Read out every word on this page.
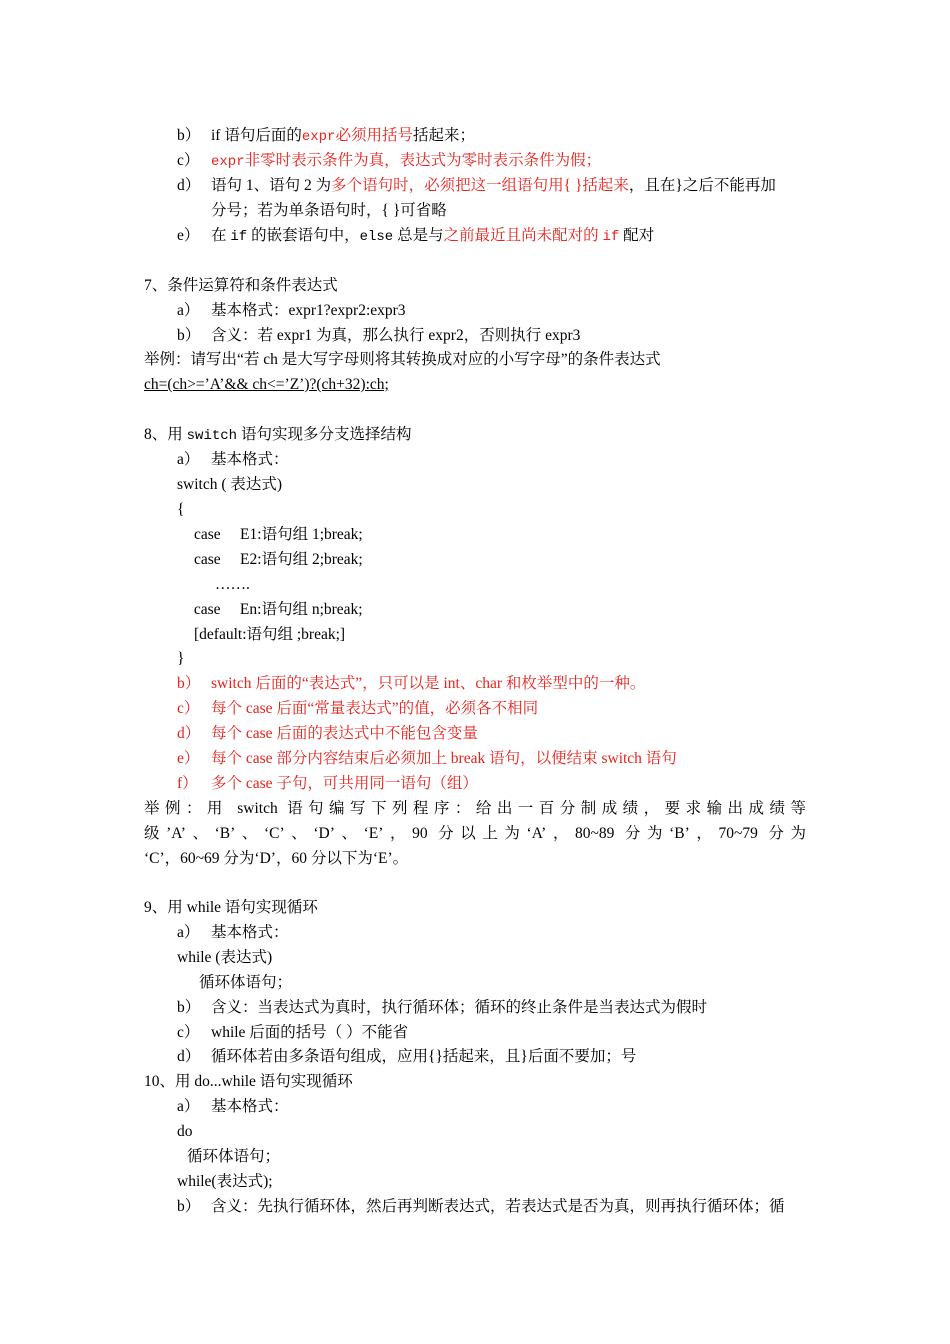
b） if 语句后面的expr必须用括号括起来；
c） expr非零时表示条件为真，表达式为零时表示条件为假；
d） 语句 1、语句 2 为多个语句时，必须把这一组语句用{ }括起来，且在}之后不能再加
分号；若为单条语句时，{ }可省略
e） 在 if 的嵌套语句中，else 总是与之前最近且尚未配对的 if 配对
7、条件运算符和条件表达式
a） 基本格式：expr1?expr2:expr3
b） 含义：若 expr1 为真，那么执行 expr2，否则执行 expr3
举例：请写出“若 ch 是大写字母则将其转换成对应的小写字母”的条件表达式
ch=(ch>=’A’&& ch<=’Z’)?(ch+32):ch;
8、用 switch 语句实现多分支选择结构
a） 基本格式：
switch ( 表达式)
{
case     E1:语句组 1;break;
case     E2:语句组 2;break;
…….
case     En:语句组 n;break;
[default:语句组 ;break;]
}
b） switch 后面的“表达式”，只可以是 int、char 和枚举型中的一种。
c） 每个 case 后面“常量表达式”的值，必须各不相同
d） 每个 case 后面的表达式中不能包含变量
e） 每个 case 部分内容结束后必须加上 break 语句，以便结束 switch 语句
f） 多个 case 子句，可共用同一语句（组）
举例：用 switch 语句编写下列程序：给出一百分制成绩，要求输出成绩等
级’A’、‘B’、‘C’、‘D’、‘E’，90 分以上为‘A’，80~89 分为‘B’，70~79 分为
‘C’，60~69 分为‘D’，60 分以下为‘E’。
9、用 while 语句实现循环
a） 基本格式：
while (表达式)
循环体语句；
b） 含义：当表达式为真时，执行循环体；循环的终止条件是当表达式为假时
c） while 后面的括号（ ）不能省
d） 循环体若由多条语句组成，应用{}括起来，且}后面不要加；号
10、用 do...while 语句实现循环
a） 基本格式：
do
循环体语句；
while(表达式);
b） 含义：先执行循环体，然后再判断表达式，若表达式是否为真，则再执行循环体；循
